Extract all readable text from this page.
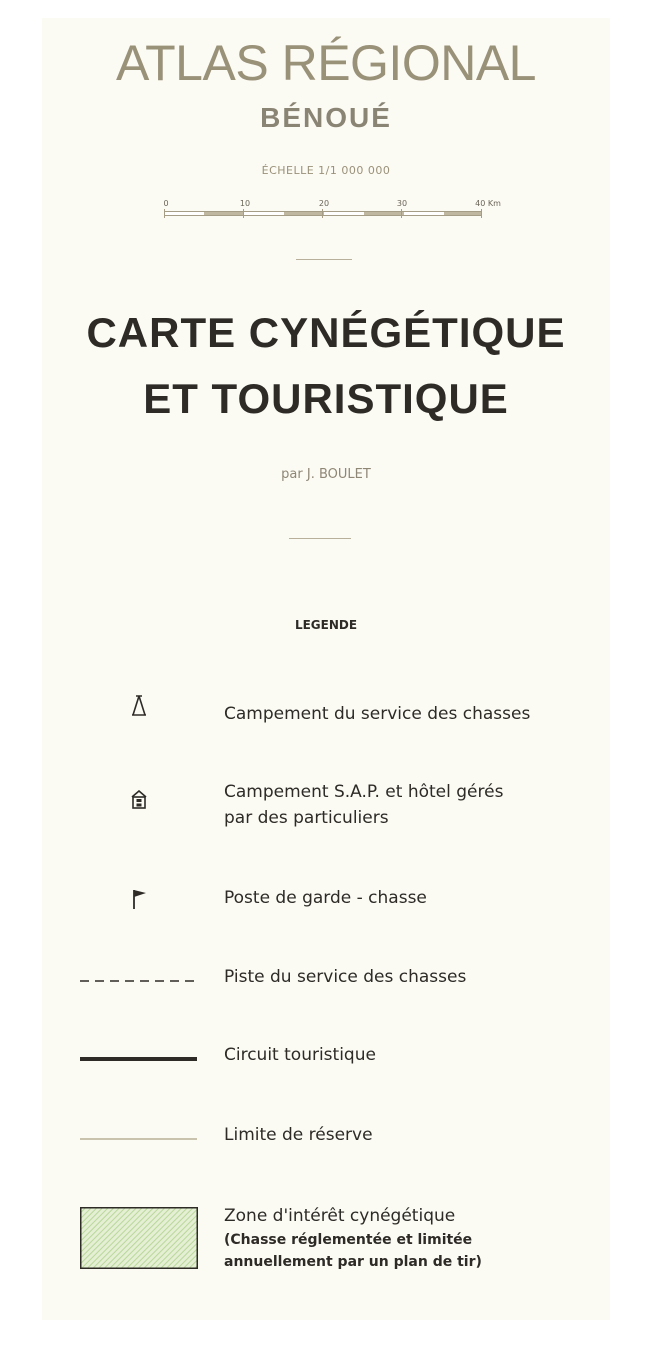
ATLAS RÉGIONAL
BÉNOUÉ
ÉCHELLE 1/1 000 000
0	10	20	30	40 Km
CARTE CYNÉGÉTIQUE
ET TOURISTIQUE
par J. BOULET
LEGENDE
Campement du service des chasses
Campement S.A.P. et hôtel gérés
par des particuliers
Poste de garde - chasse
Piste du service des chasses
Circuit touristique
Limite de réserve
Zone d'intérêt cynégétique
(Chasse réglementée et limitée
annuellement par un plan de tir)
